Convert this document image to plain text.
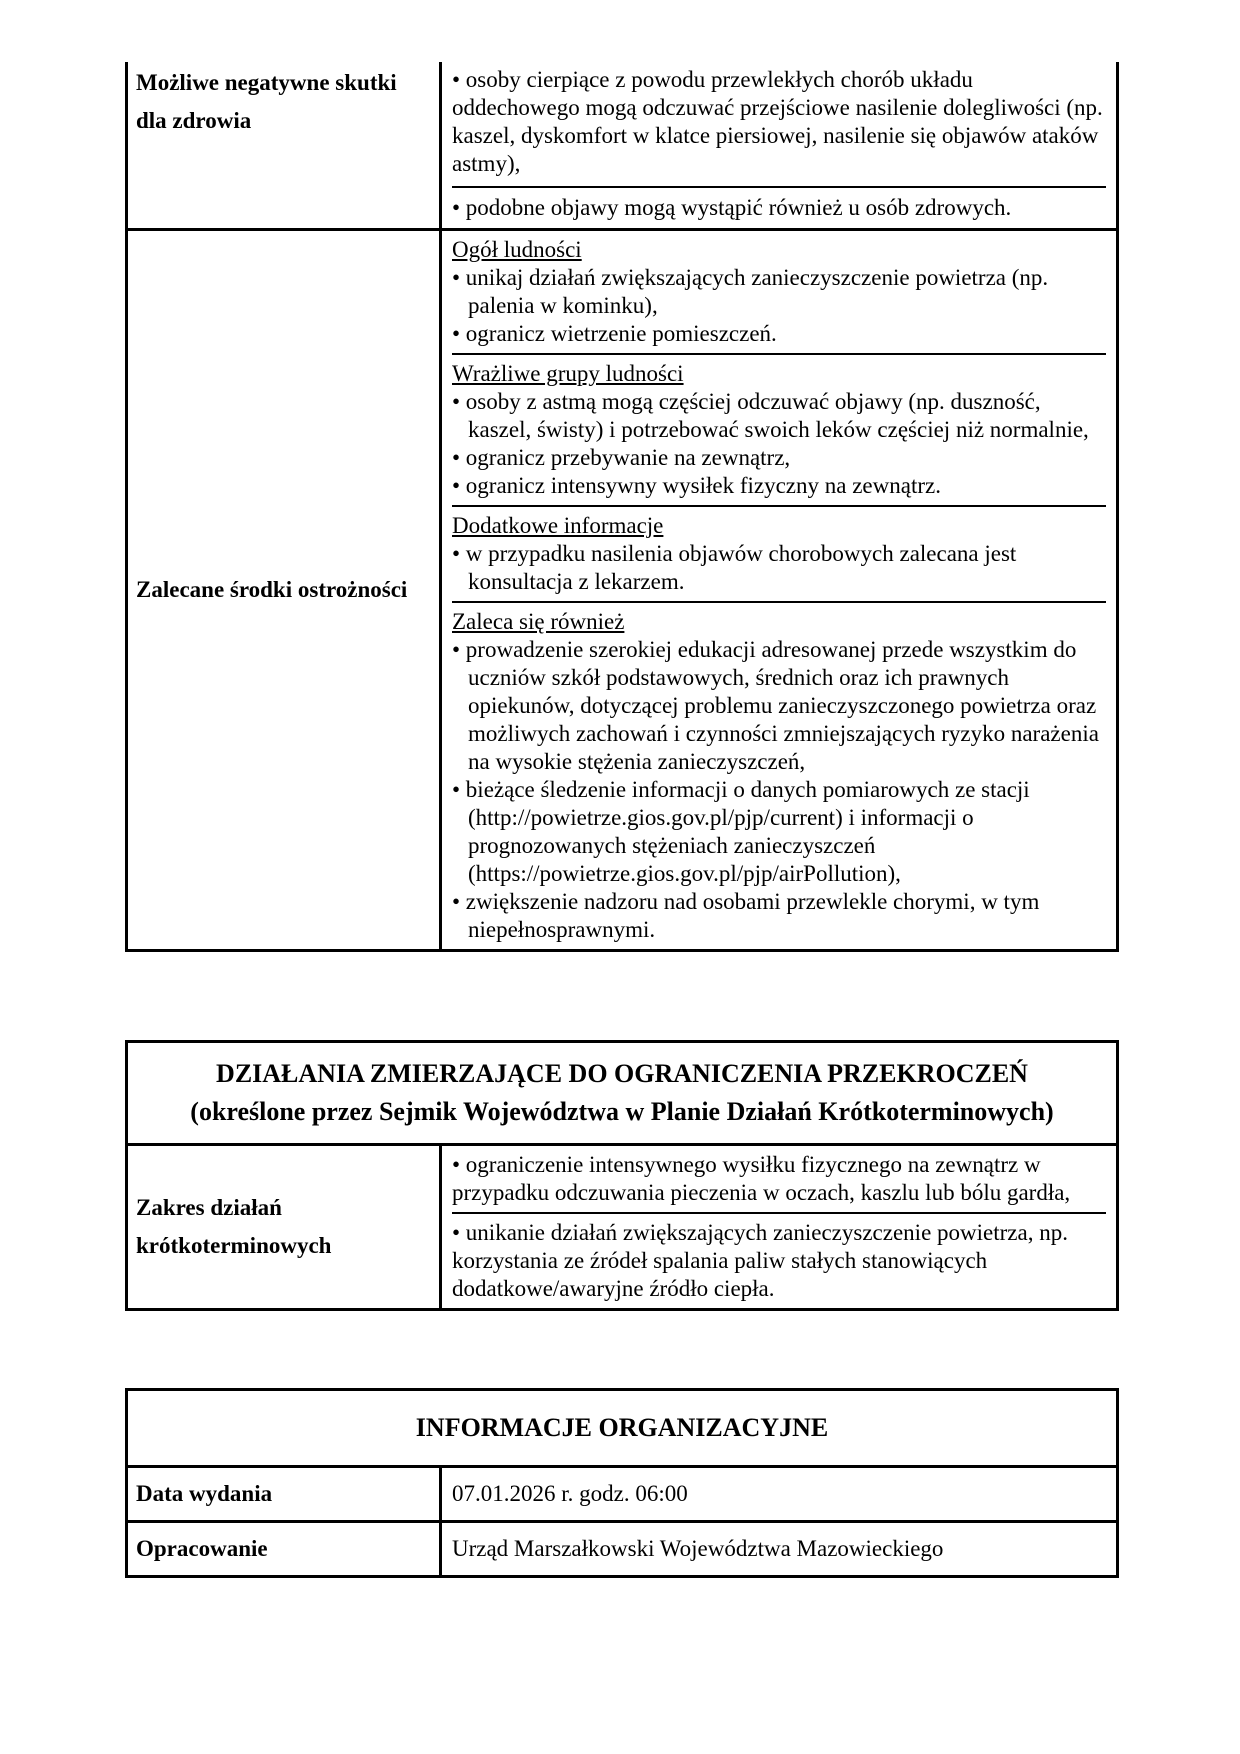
Możliwe negatywne skutki dla zdrowia
• osoby cierpiące z powodu przewlekłych chorób układu oddechowego mogą odczuwać przejściowe nasilenie dolegliwości (np. kaszel, dyskomfort w klatce piersiowej, nasilenie się objawów ataków astmy),
• podobne objawy mogą wystąpić również u osób zdrowych.
Zalecane środki ostrożności
Ogół ludności
• unikaj działań zwiększających zanieczyszczenie powietrza (np. palenia w kominku),
• ogranicz wietrzenie pomieszczeń.
Wrażliwe grupy ludności
• osoby z astmą mogą częściej odczuwać objawy (np. duszność, kaszel, świsty) i potrzebować swoich leków częściej niż normalnie,
• ogranicz przebywanie na zewnątrz,
• ogranicz intensywny wysiłek fizyczny na zewnątrz.
Dodatkowe informacje
• w przypadku nasilenia objawów chorobowych zalecana jest konsultacja z lekarzem.
Zaleca się również
• prowadzenie szerokiej edukacji adresowanej przede wszystkim do uczniów szkół podstawowych, średnich oraz ich prawnych opiekunów, dotyczącej problemu zanieczyszczonego powietrza oraz możliwych zachowań i czynności zmniejszających ryzyko narażenia na wysokie stężenia zanieczyszczeń,
• bieżące śledzenie informacji o danych pomiarowych ze stacji (http://powietrze.gios.gov.pl/pjp/current) i informacji o prognozowanych stężeniach zanieczyszczeń (https://powietrze.gios.gov.pl/pjp/airPollution),
• zwiększenie nadzoru nad osobami przewlekle chorymi, w tym niepełnosprawnymi.
DZIAŁANIA ZMIERZAJĄCE DO OGRANICZENIA PRZEKROCZEŃ
(określone przez Sejmik Województwa w Planie Działań Krótkoterminowych)
Zakres działań krótkoterminowych
• ograniczenie intensywnego wysiłku fizycznego na zewnątrz w przypadku odczuwania pieczenia w oczach, kaszlu lub bólu gardła,
• unikanie działań zwiększających zanieczyszczenie powietrza, np. korzystania ze źródeł spalania paliw stałych stanowiących dodatkowe/awaryjne źródło ciepła.
INFORMACJE ORGANIZACYJNE
Data wydania	07.01.2026 r. godz. 06:00
Opracowanie	Urząd Marszałkowski Województwa Mazowieckiego
